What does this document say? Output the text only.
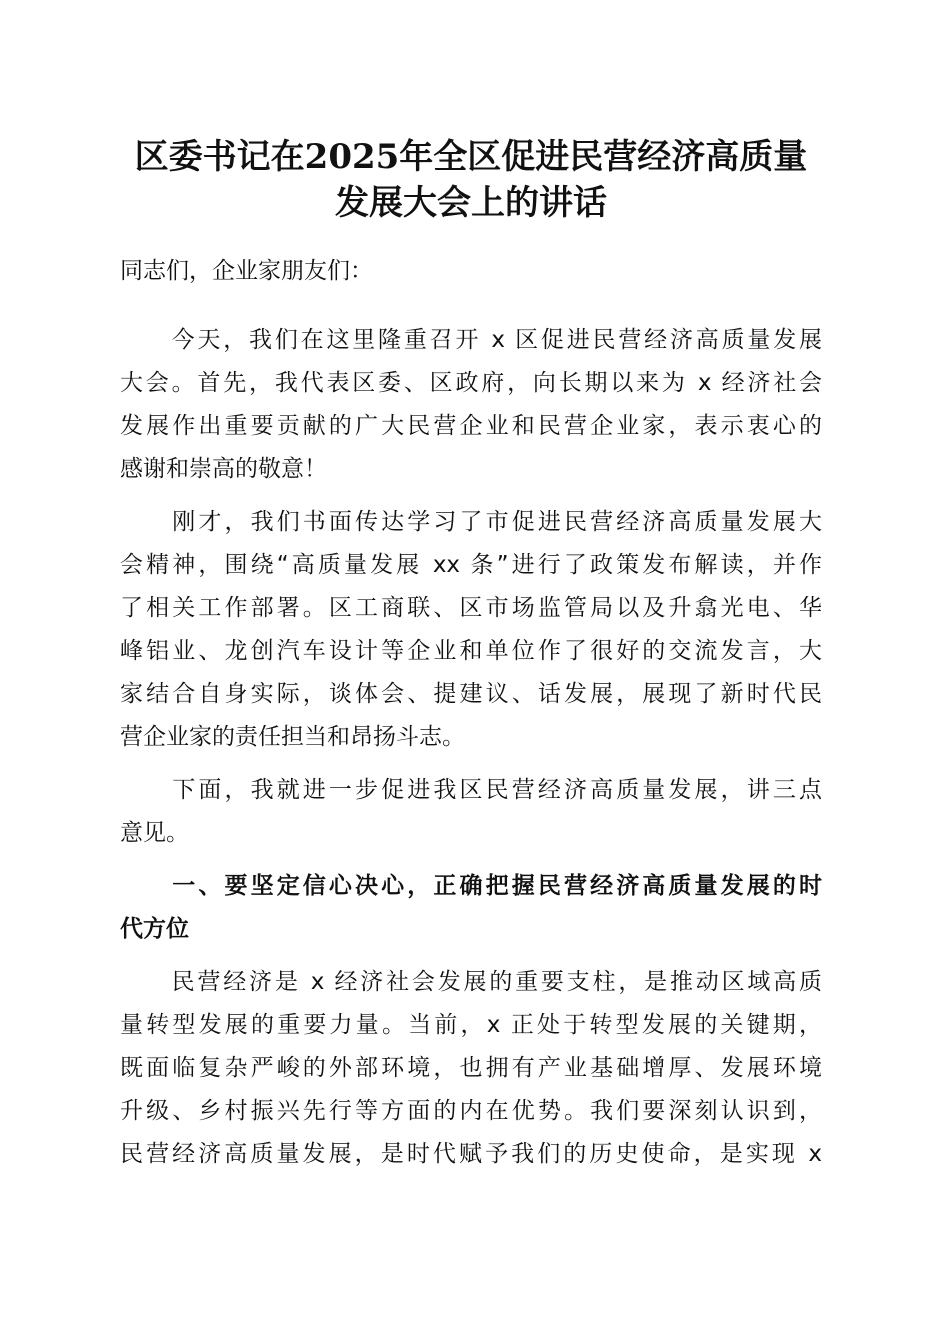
区委书记在2025年全区促进民营经济高质量
发展大会上的讲话
同志们，企业家朋友们：
　　今天，我们在这里隆重召开 x 区促进民营经济高质量发展
大会。首先，我代表区委、区政府，向长期以来为 x 经济社会
发展作出重要贡献的广大民营企业和民营企业家，表示衷心的
感谢和崇高的敬意！
　　刚才，我们书面传达学习了市促进民营经济高质量发展大
会精神，围绕“高质量发展 xx 条”进行了政策发布解读，并作
了相关工作部署。区工商联、区市场监管局以及升翕光电、华
峰铝业、龙创汽车设计等企业和单位作了很好的交流发言，大
家结合自身实际，谈体会、提建议、话发展，展现了新时代民
营企业家的责任担当和昂扬斗志。
　　下面，我就进一步促进我区民营经济高质量发展，讲三点
意见。
　　一、要坚定信心决心，正确把握民营经济高质量发展的时
代方位
　　民营经济是 x 经济社会发展的重要支柱，是推动区域高质
量转型发展的重要力量。当前，x 正处于转型发展的关键期，
既面临复杂严峻的外部环境，也拥有产业基础增厚、发展环境
升级、乡村振兴先行等方面的内在优势。我们要深刻认识到，
民营经济高质量发展，是时代赋予我们的历史使命，是实现 x
